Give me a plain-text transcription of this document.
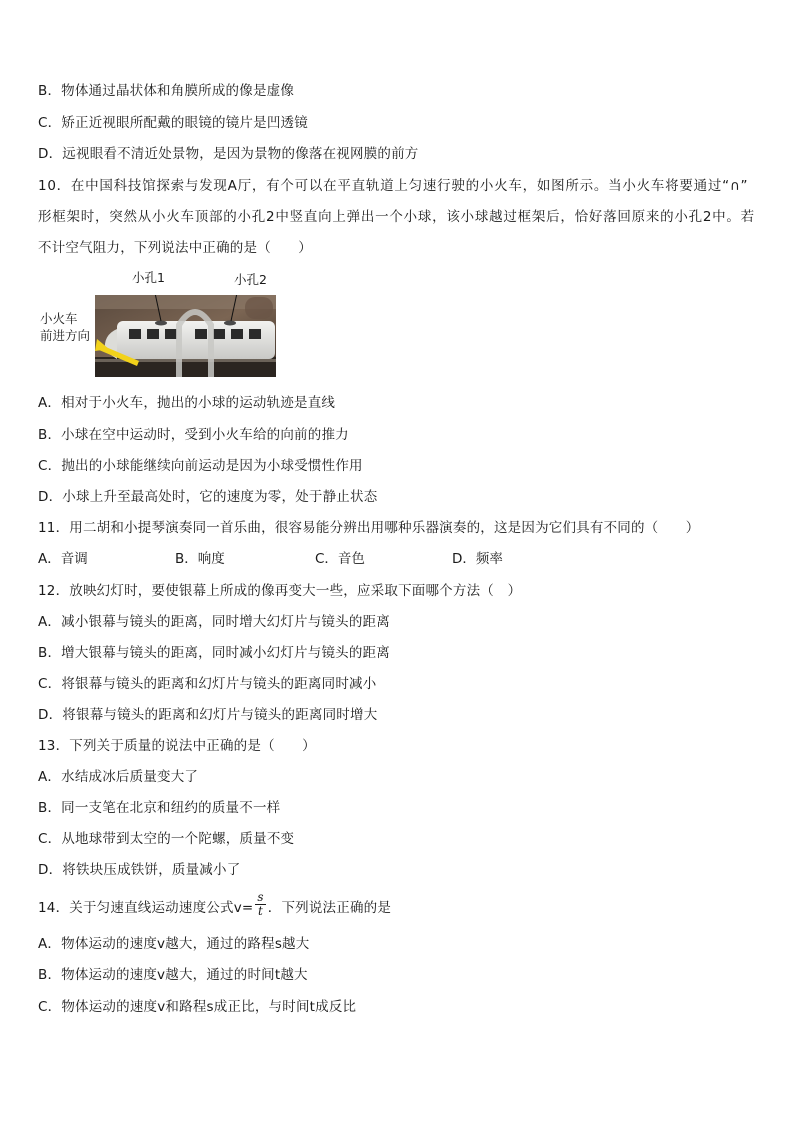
B．物体通过晶状体和角膜所成的像是虚像
C．矫正近视眼所配戴的眼镜的镜片是凹透镜
D．远视眼看不清近处景物，是因为景物的像落在视网膜的前方
10．在中国科技馆探索与发现A厅，有个可以在平直轨道上匀速行驶的小火车，如图所示。当小火车将要通过“∩”
形框架时，突然从小火车顶部的小孔2中竖直向上弹出一个小球，该小球越过框架后，恰好落回原来的小孔2中。若
不计空气阻力，下列说法中正确的是（　　）
小孔1	小孔2
小火车
前进方向
A．相对于小火车，抛出的小球的运动轨迹是直线
B．小球在空中运动时，受到小火车给的向前的推力
C．抛出的小球能继续向前运动是因为小球受惯性作用
D．小球上升至最高处时，它的速度为零，处于静止状态
11．用二胡和小提琴演奏同一首乐曲，很容易能分辨出用哪种乐器演奏的，这是因为它们具有不同的（　　）
A．音调	B．响度	C．音色	D．频率
12．放映幻灯时，要使银幕上所成的像再变大一些，应采取下面哪个方法（　）
A．减小银幕与镜头的距离，同时增大幻灯片与镜头的距离
B．增大银幕与镜头的距离，同时减小幻灯片与镜头的距离
C．将银幕与镜头的距离和幻灯片与镜头的距离同时减小
D．将银幕与镜头的距离和幻灯片与镜头的距离同时增大
13．下列关于质量的说法中正确的是（　　）
A．水结成冰后质量变大了
B．同一支笔在北京和纽约的质量不一样
C．从地球带到太空的一个陀螺，质量不变
D．将铁块压成铁饼，质量减小了
14．关于匀速直线运动速度公式$v= \frac{s}{t}$ ．下列说法正确的是
A．物体运动的速度v越大，通过的路程s越大
B．物体运动的速度v越大，通过的时间t越大
C．物体运动的速度v和路程s成正比，与时间t成反比
